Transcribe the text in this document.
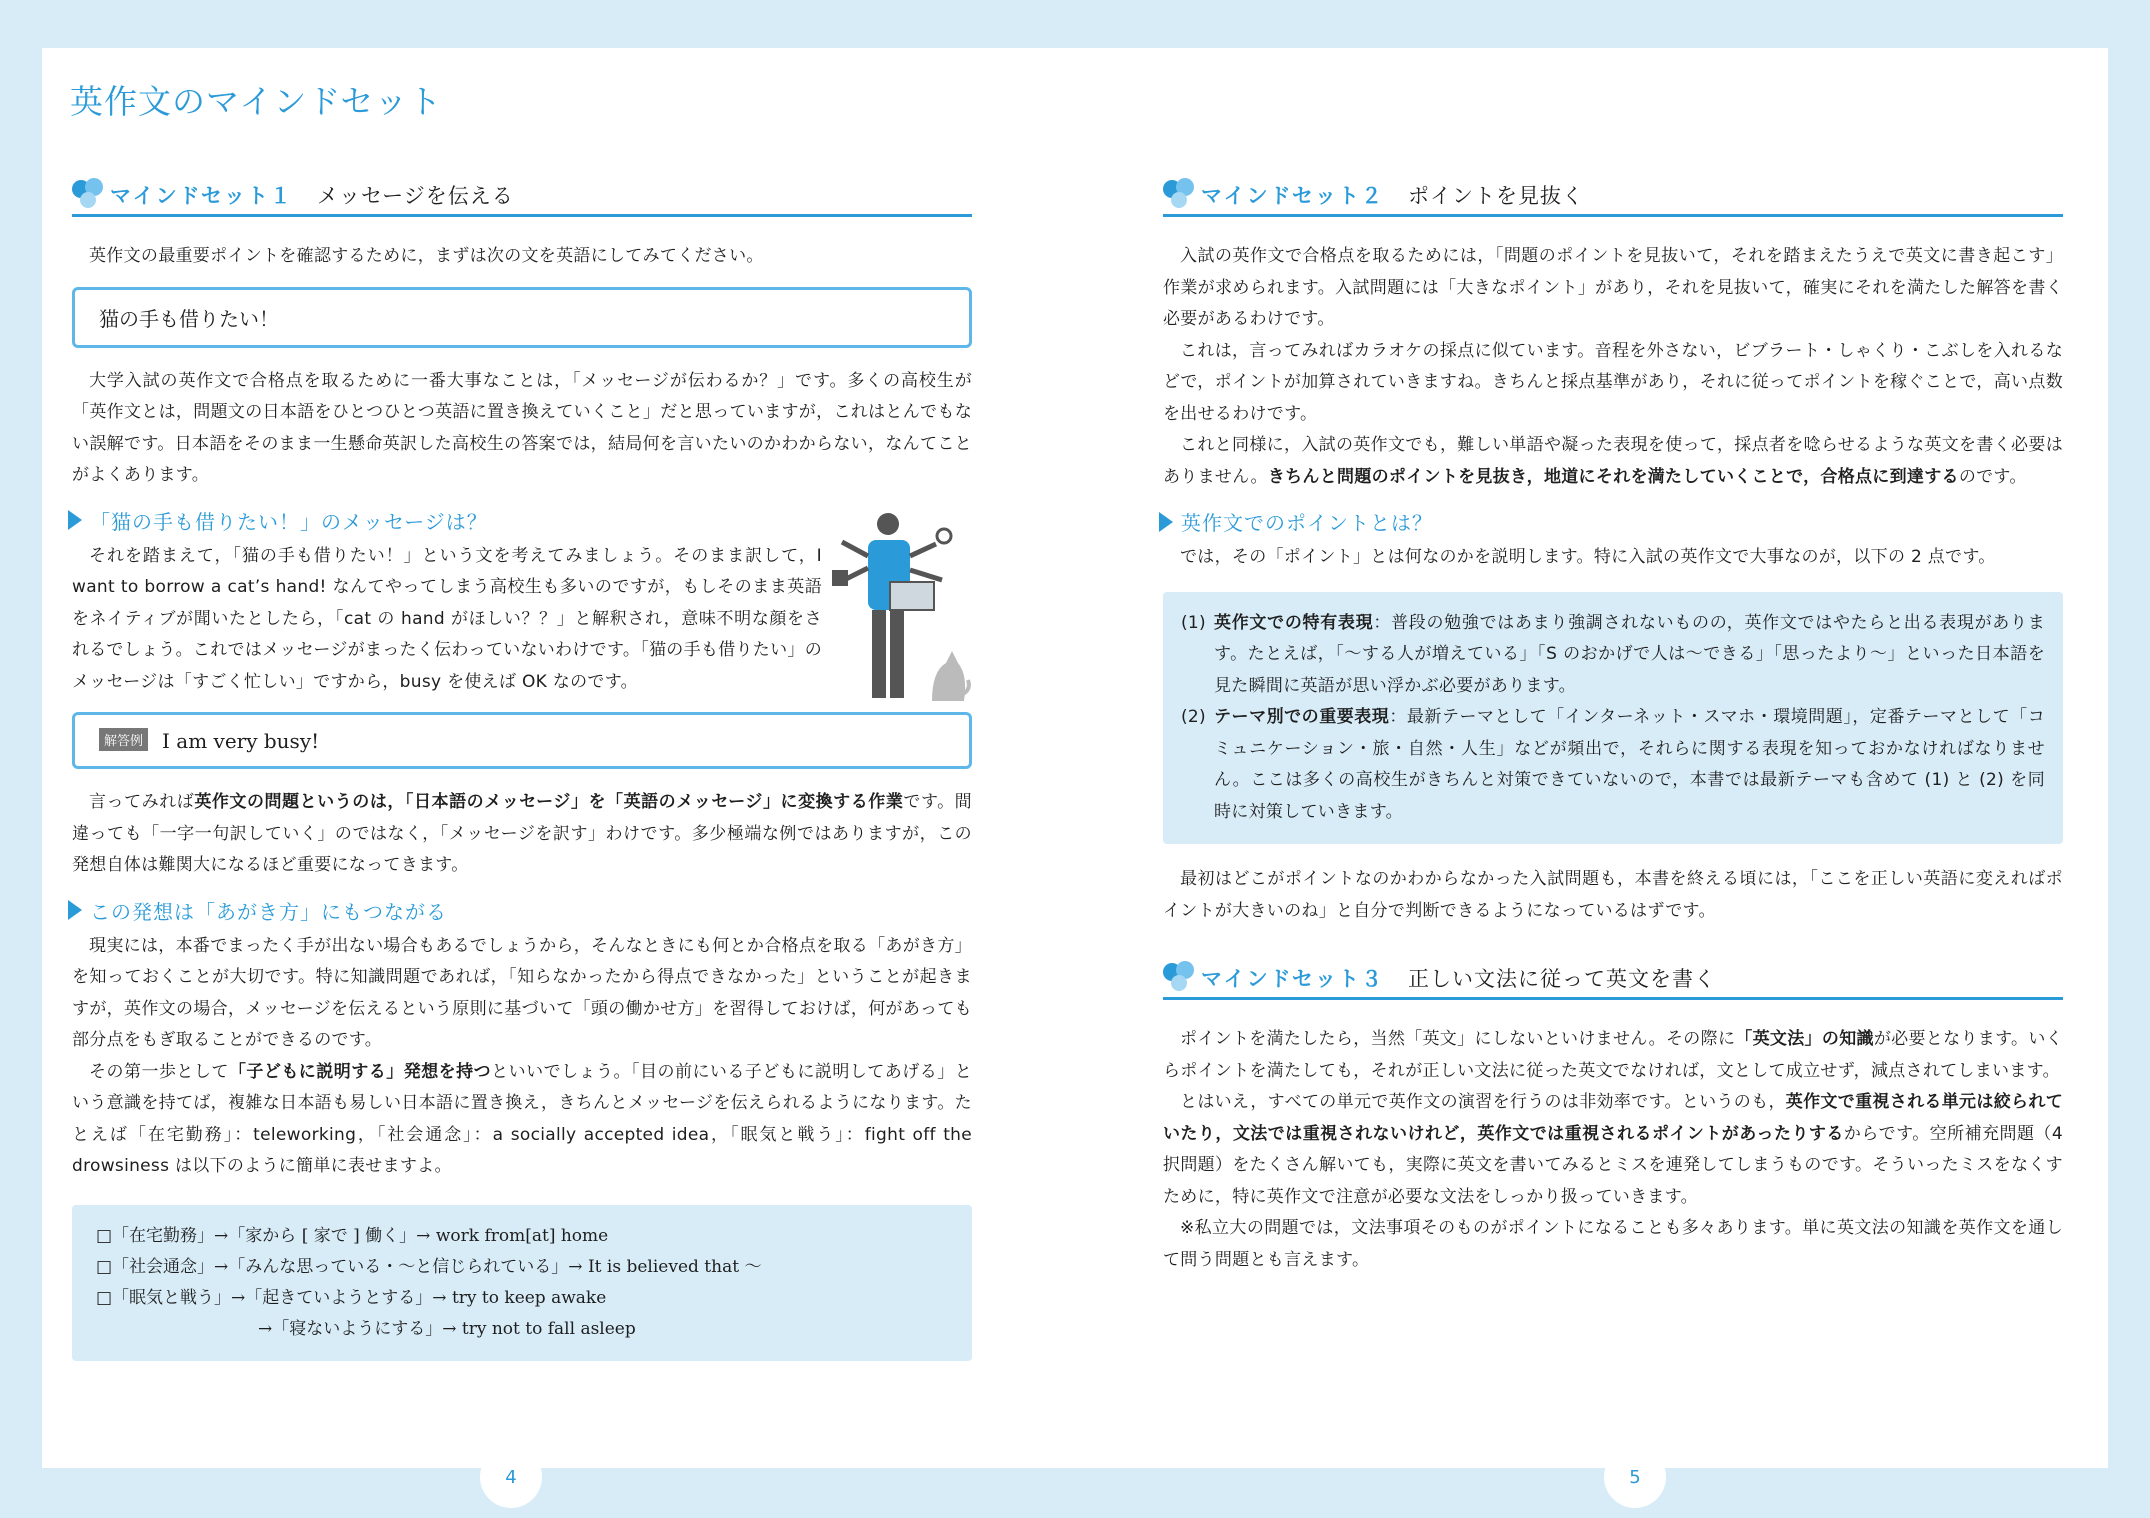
英作文のマインドセット
マインドセット１ メッセージを伝える

英作文の最重要ポイントを確認するために，まずは次の文を英語にしてみてください。

猫の手も借りたい！

大学入試の英作文で合格点を取るために一番大事なことは，「メッセージが伝わるか？」です。多くの高校生が「英作文とは，問題文の日本語をひとつひとつ英語に置き換えていくこと」だと思っていますが，これはとんでもない誤解です。日本語をそのまま一生懸命英訳した高校生の答案では，結局何を言いたいのかわからない，なんてことがよくあります。

「猫の手も借りたい！」のメッセージは？

それを踏まえて，「猫の手も借りたい！」という文を考えてみましょう。そのまま訳して，I want to borrow a cat’s hand! なんてやってしまう高校生も多いのですが，もしそのまま英語をネイティブが聞いたとしたら，「cat の hand がほしい？？」と解釈され，意味不明な顔をされるでしょう。これではメッセージがまったく伝わっていないわけです。「猫の手も借りたい」のメッセージは「すごく忙しい」ですから，busy を使えば OK なのです。

解答例 I am very busy!

言ってみれば英作文の問題というのは，「日本語のメッセージ」を「英語のメッセージ」に変換する作業です。間違っても「一字一句訳していく」のではなく，「メッセージを訳す」わけです。多少極端な例ではありますが，この発想自体は難関大になるほど重要になってきます。

この発想は「あがき方」にもつながる

現実には，本番でまったく手が出ない場合もあるでしょうから，そんなときにも何とか合格点を取る「あがき方」を知っておくことが大切です。特に知識問題であれば，「知らなかったから得点できなかった」ということが起きますが，英作文の場合，メッセージを伝えるという原則に基づいて「頭の働かせ方」を習得しておけば，何があっても部分点をもぎ取ることができるのです。

その第一歩として「子どもに説明する」発想を持つといいでしょう。「目の前にいる子どもに説明してあげる」という意識を持てば，複雑な日本語も易しい日本語に置き換え，きちんとメッセージを伝えられるようになります。たとえば「在宅勤務」：teleworking，「社会通念」：a socially accepted idea，「眠気と戦う」：fight off the drowsiness は以下のように簡単に表せますよ。

□「在宅勤務」→「家から [ 家で ] 働く」→ work from[at] home
□「社会通念」→「みんな思っている・〜と信じられている」→ It is believed that 〜
□「眠気と戦う」→「起きていようとする」→ try to keep awake
→「寝ないようにする」→ try not to fall asleep
マインドセット２ ポイントを見抜く

入試の英作文で合格点を取るためには，「問題のポイントを見抜いて，それを踏まえたうえで英文に書き起こす」作業が求められます。入試問題には「大きなポイント」があり，それを見抜いて，確実にそれを満たした解答を書く必要があるわけです。

これは，言ってみればカラオケの採点に似ています。音程を外さない，ビブラート・しゃくり・こぶしを入れるなどで，ポイントが加算されていきますね。きちんと採点基準があり，それに従ってポイントを稼ぐことで，高い点数を出せるわけです。

これと同様に，入試の英作文でも，難しい単語や凝った表現を使って，採点者を唸らせるような英文を書く必要はありません。きちんと問題のポイントを見抜き，地道にそれを満たしていくことで，合格点に到達するのです。

英作文でのポイントとは？

では，その「ポイント」とは何なのかを説明します。特に入試の英作文で大事なのが，以下の 2 点です。

(1) 英作文での特有表現：普段の勉強ではあまり強調されないものの，英作文ではやたらと出る表現があります。たとえば，「〜する人が増えている」「S のおかげで人は〜できる」「思ったより〜」といった日本語を見た瞬間に英語が思い浮かぶ必要があります。
(2) テーマ別での重要表現：最新テーマとして「インターネット・スマホ・環境問題」，定番テーマとして「コミュニケーション・旅・自然・人生」などが頻出で，それらに関する表現を知っておかなければなりません。ここは多くの高校生がきちんと対策できていないので，本書では最新テーマも含めて (1) と (2) を同時に対策していきます。

最初はどこがポイントなのかわからなかった入試問題も，本書を終える頃には，「ここを正しい英語に変えればポイントが大きいのね」と自分で判断できるようになっているはずです。

マインドセット３ 正しい文法に従って英文を書く

ポイントを満たしたら，当然「英文」にしないといけません。その際に「英文法」の知識が必要となります。いくらポイントを満たしても，それが正しい文法に従った英文でなければ，文として成立せず，減点されてしまいます。

とはいえ，すべての単元で英作文の演習を行うのは非効率です。というのも，英作文で重視される単元は絞られていたり，文法では重視されないけれど，英作文では重視されるポイントがあったりするからです。空所補充問題（4 択問題）をたくさん解いても，実際に英文を書いてみるとミスを連発してしまうものです。そういったミスをなくすために，特に英作文で注意が必要な文法をしっかり扱っていきます。

※私立大の問題では，文法事項そのものがポイントになることも多々あります。単に英文法の知識を英作文を通して問う問題とも言えます。

4	5
